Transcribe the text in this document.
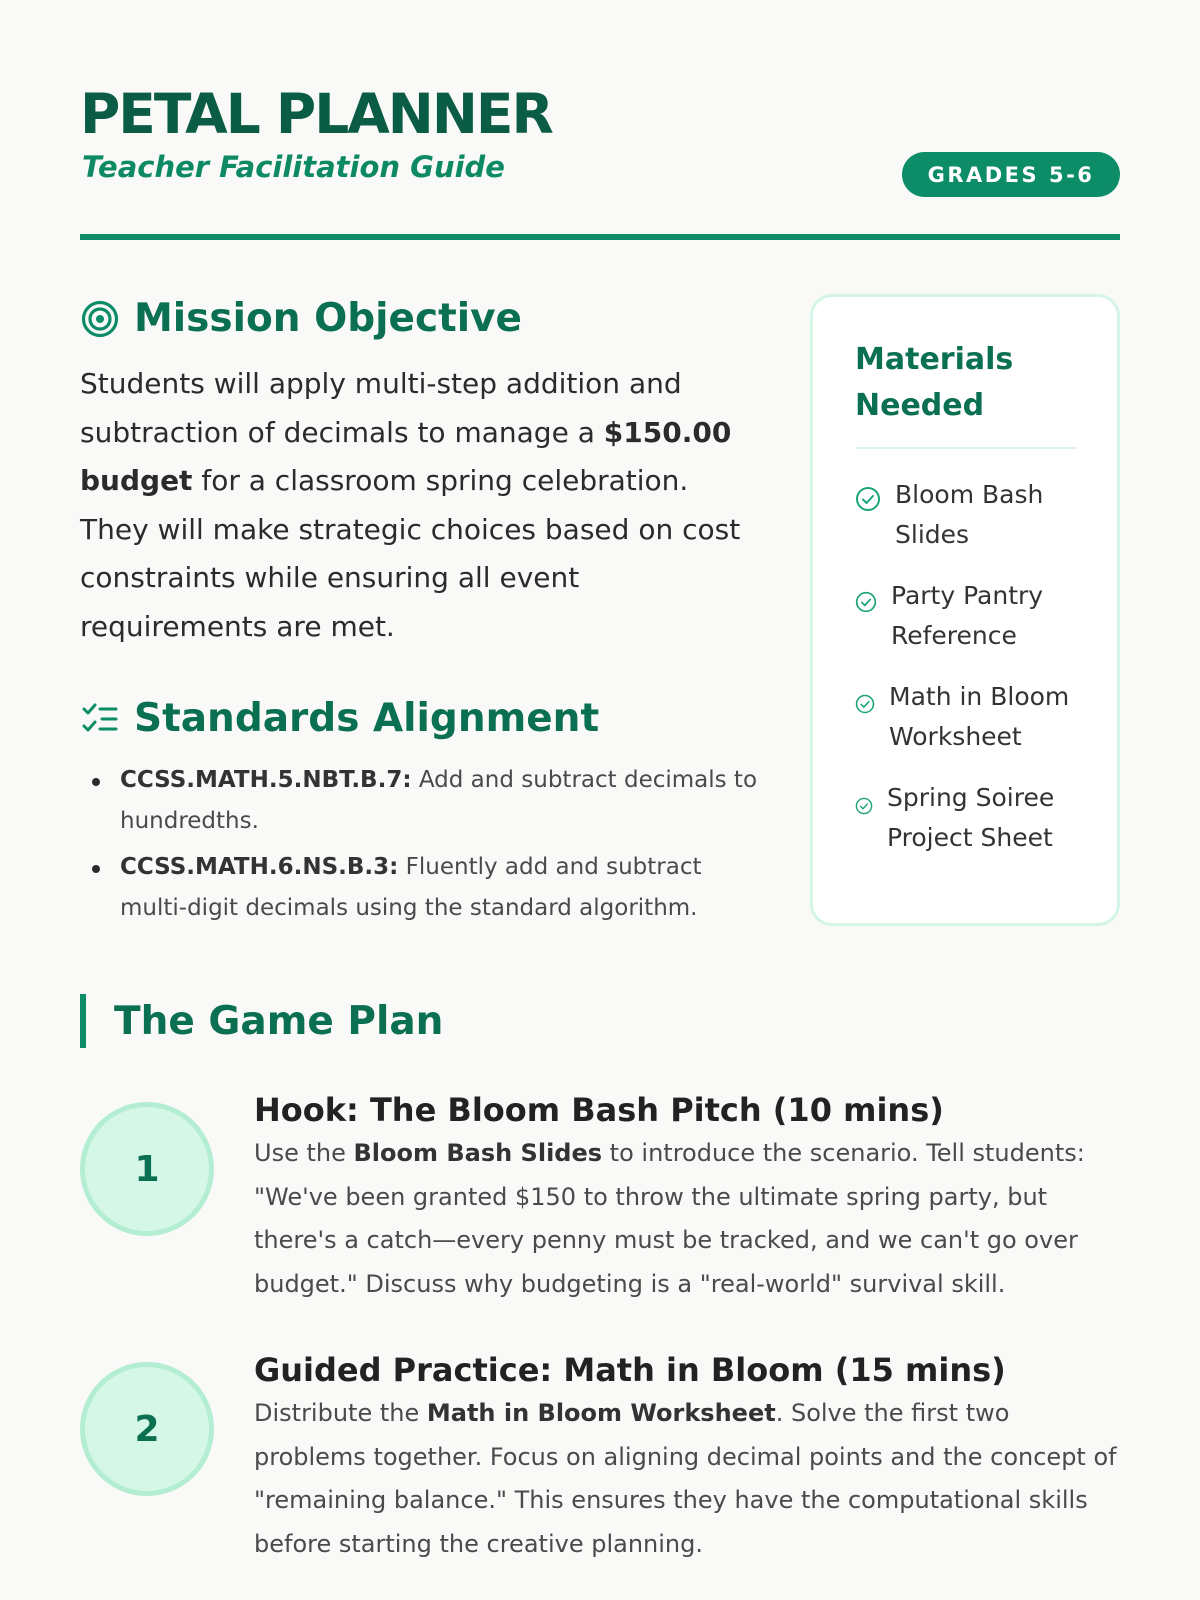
PETAL PLANNER
Teacher Facilitation Guide	GRADES 5-6
Mission Objective

Students will apply multi-step addition and subtraction of decimals to manage a $150.00 budget for a classroom spring celebration. They will make strategic choices based on cost constraints while ensuring all event requirements are met.

Standards Alignment
CCSS.MATH.5.NBT.B.7: Add and subtract decimals to hundredths.
CCSS.MATH.6.NS.B.3: Fluently add and subtract multi-digit decimals using the standard algorithm.
Materials Needed
Bloom Bash Slides
Party Pantry Reference
Math in Bloom Worksheet
Spring Soiree Project Sheet
The Game Plan
1
Hook: The Bloom Bash Pitch (10 mins)

Use the Bloom Bash Slides to introduce the scenario. Tell students: "We've been granted $150 to throw the ultimate spring party, but there's a catch—every penny must be tracked, and we can't go over budget." Discuss why budgeting is a "real-world" survival skill.

2
Guided Practice: Math in Bloom (15 mins)

Distribute the Math in Bloom Worksheet. Solve the first two problems together. Focus on aligning decimal points and the concept of "remaining balance." This ensures they have the computational skills before starting the creative planning.
